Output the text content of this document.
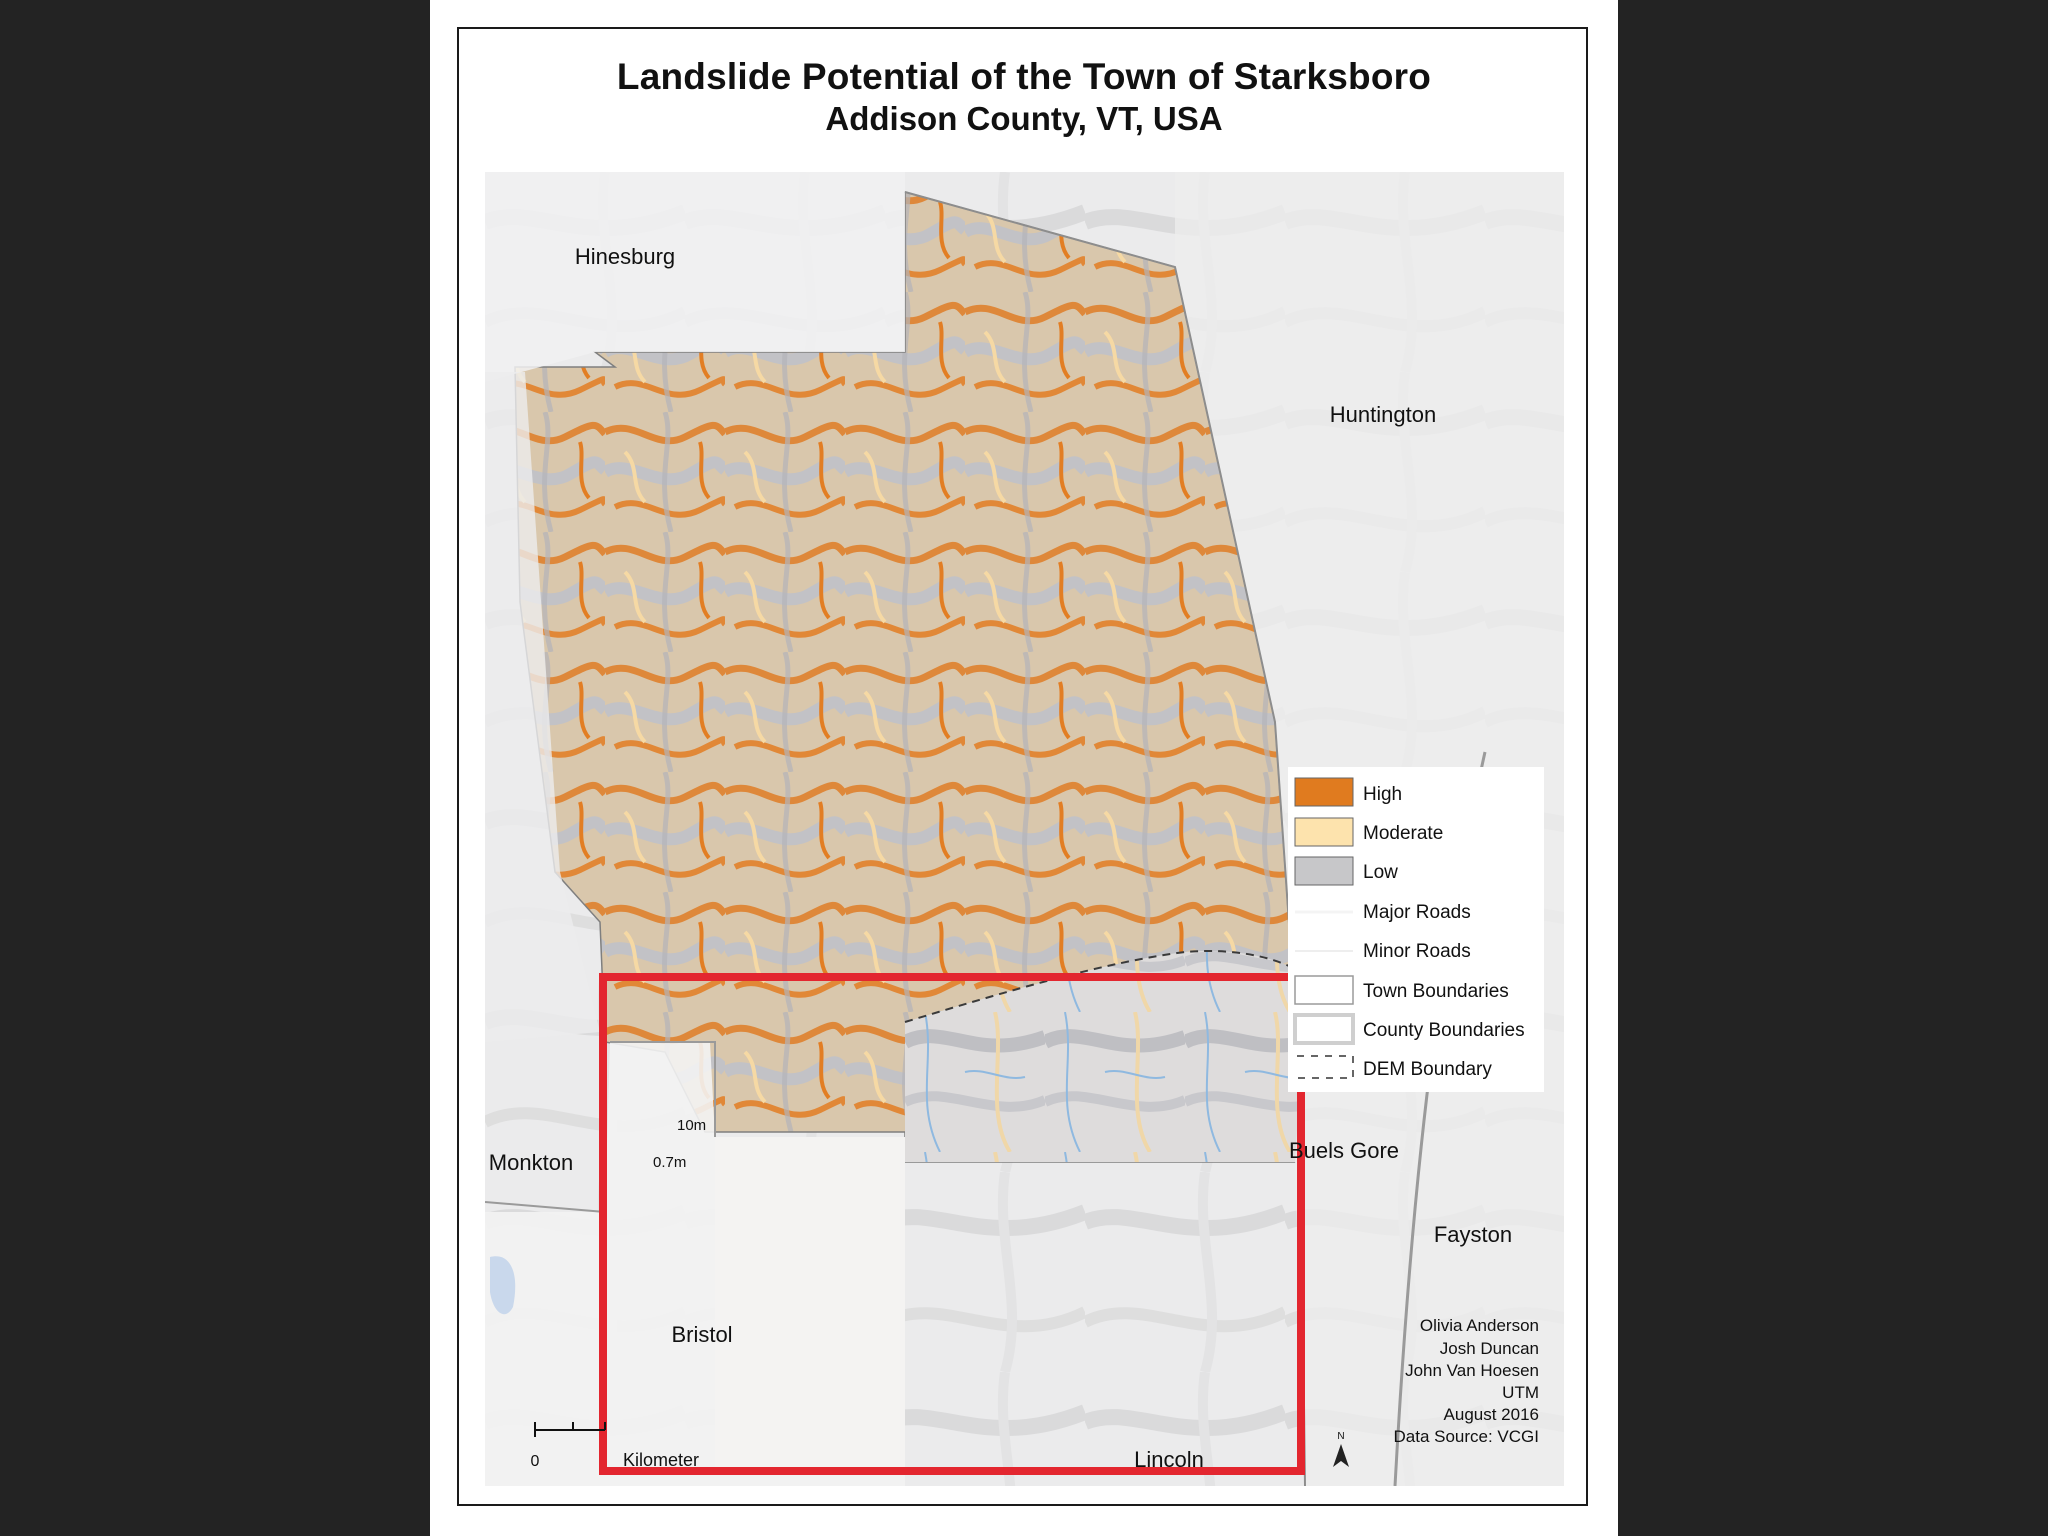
Landslide Potential of the Town of Starksboro
Addison County, VT, USA
Hinesburg
Huntington
Monkton	Buels Gore
Fayston
Bristol
Lincoln
10m
0.7m
High
Moderate
Low
Major Roads
Minor Roads
Town Boundaries
County Boundaries
DEM Boundary
Olivia Anderson
Josh Duncan
John Van Hoesen
UTM
August 2016
Data Source: VCGI
N
0	Kilometer
